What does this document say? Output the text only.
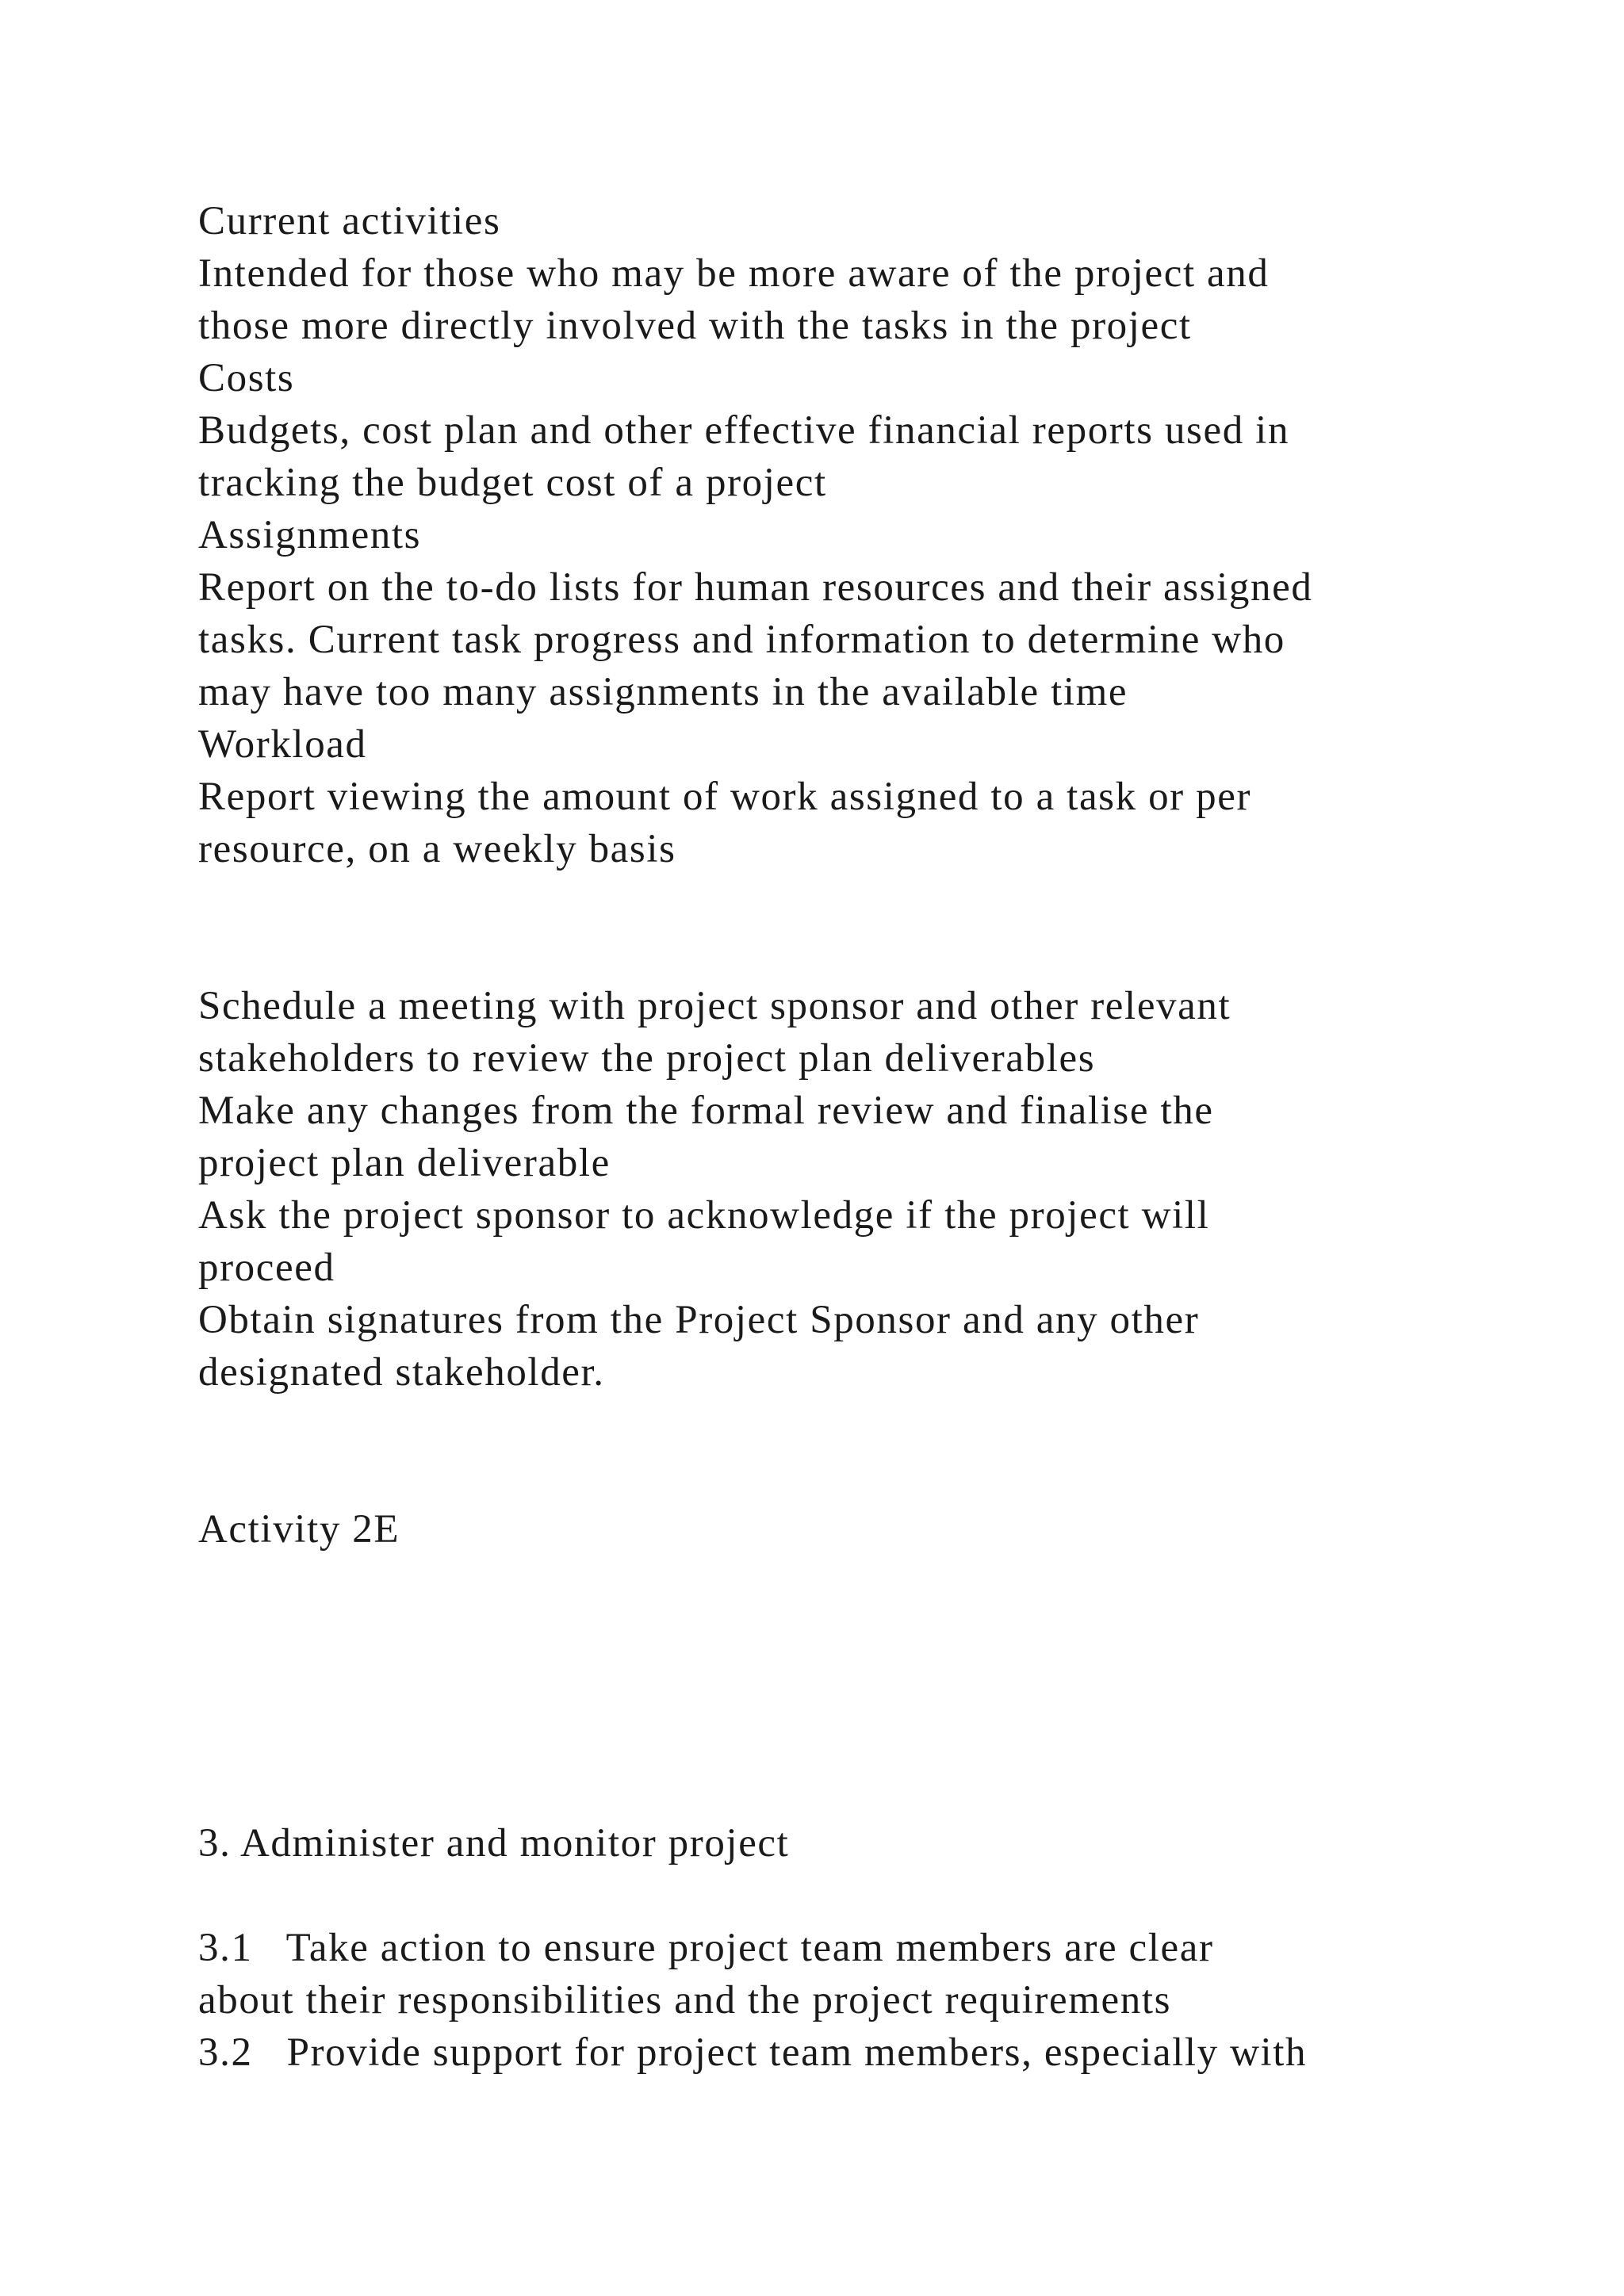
Current activities

Intended for those who may be more aware of the project and

those more directly involved with the tasks in the project

Costs

Budgets, cost plan and other effective financial reports used in

tracking the budget cost of a project

Assignments

Report on the to-do lists for human resources and their assigned

tasks. Current task progress and information to determine who

may have too many assignments in the available time

Workload

Report viewing the amount of work assigned to a task or per

resource, on a weekly basis

Schedule a meeting with project sponsor and other relevant

stakeholders to review the project plan deliverables

Make any changes from the formal review and finalise the

project plan deliverable

Ask the project sponsor to acknowledge if the project will

proceed

Obtain signatures from the Project Sponsor and any other

designated stakeholder.

Activity 2E

3. Administer and monitor project

3.1   Take action to ensure project team members are clear

about their responsibilities and the project requirements

3.2   Provide support for project team members, especially with
